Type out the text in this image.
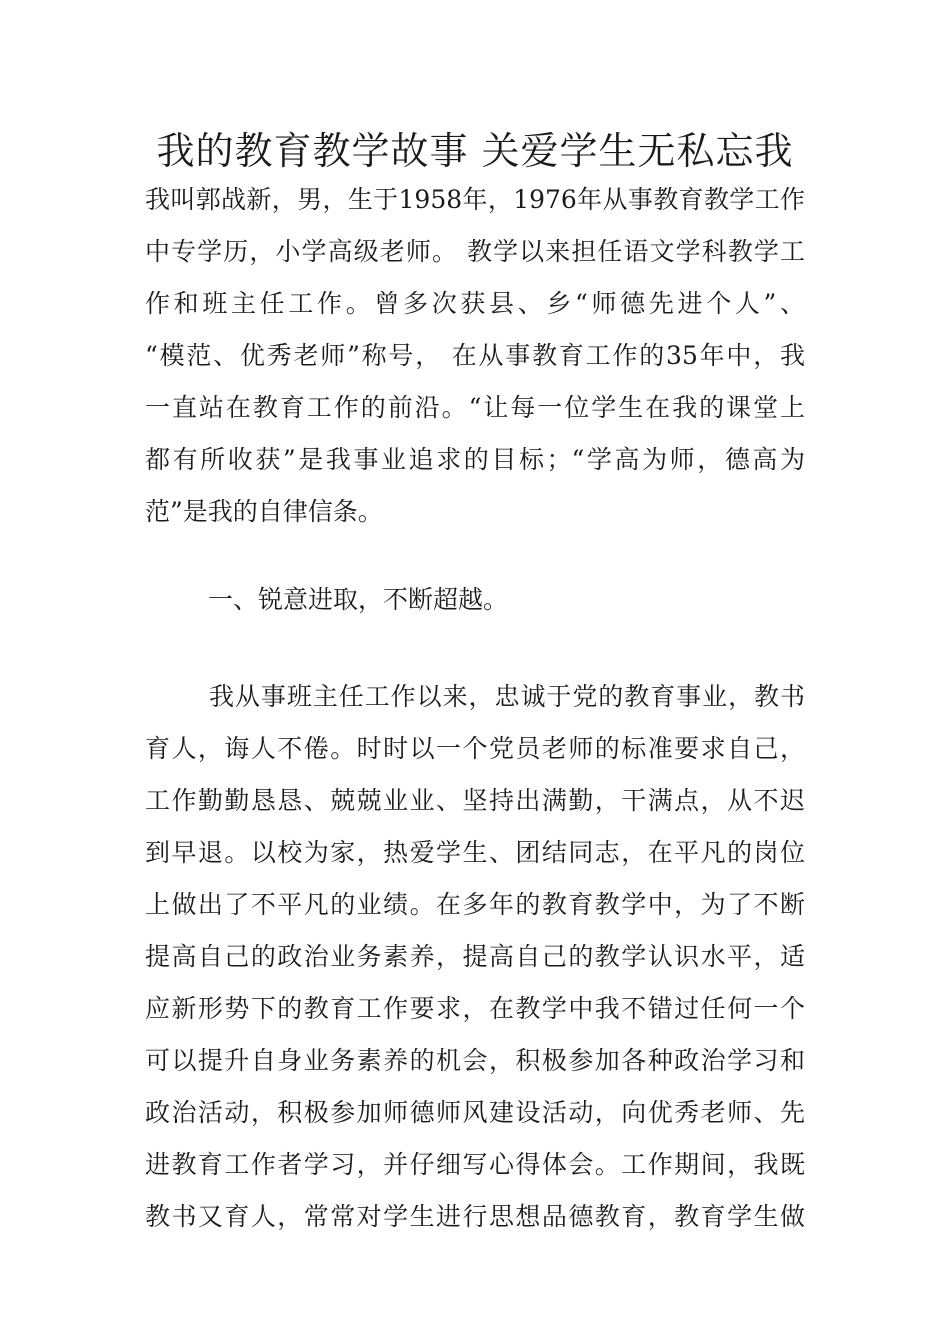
我的教育教学故事 关爱学生无私忘我
我叫郭战新，男，生于1958年，1976年从事教育教学工作
中专学历，小学高级老师。 教学以来担任语文学科教学工
作和班主任工作。曾多次获县、乡“师德先进个人”、
“模范、优秀老师”称号， 在从事教育工作的35年中，我
一直站在教育工作的前沿。“让每一位学生在我的课堂上
都有所收获”是我事业追求的目标；“学高为师，德高为
范”是我的自律信条。

一、锐意进取，不断超越。

我从事班主任工作以来，忠诚于党的教育事业，教书
育人，诲人不倦。时时以一个党员老师的标准要求自己，
工作勤勤恳恳、兢兢业业、坚持出满勤，干满点，从不迟
到早退。以校为家，热爱学生、团结同志，在平凡的岗位
上做出了不平凡的业绩。在多年的教育教学中，为了不断
提高自己的政治业务素养，提高自己的教学认识水平，适
应新形势下的教育工作要求，在教学中我不错过任何一个
可以提升自身业务素养的机会，积极参加各种政治学习和
政治活动，积极参加师德师风建设活动，向优秀老师、先
进教育工作者学习，并仔细写心得体会。工作期间，我既
教书又育人，常常对学生进行思想品德教育，教育学生做
